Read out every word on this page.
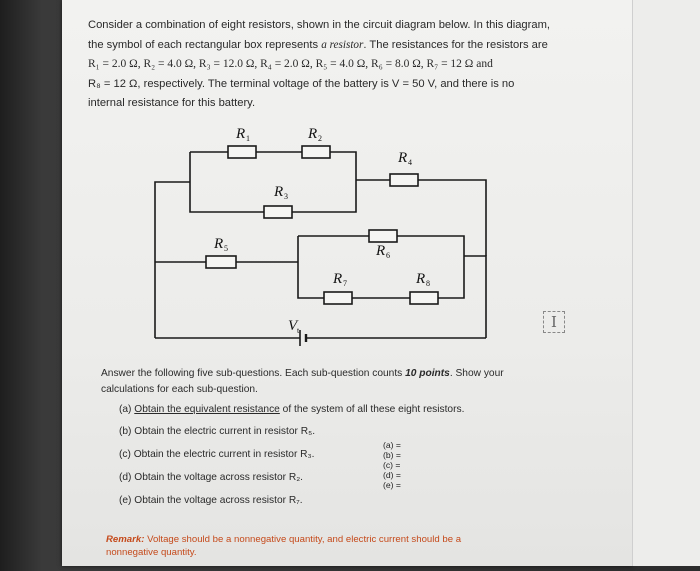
I
Consider a combination of eight resistors, shown in the circuit diagram below. In this diagram,
the symbol of each rectangular box represents a resistor. The resistances for the resistors are
R₁ = 2.0 Ω, R₂ = 4.0 Ω, R₃ = 12.0 Ω, R₄ = 2.0 Ω, R₅ = 4.0 Ω, R₆ = 8.0 Ω, R₇ = 12 Ω and
R₈ = 12 Ω, respectively. The terminal voltage of the battery is V = 50 V, and there is no
internal resistance for this battery.
R 1	R 2
R 3
R 4
R 5	R 6
R 7	R 8
V t
Answer the following five sub-questions. Each sub-question counts 10 points. Show your calculations for each sub-question.
(a) Obtain the equivalent resistance of the system of all these eight resistors.
(b) Obtain the electric current in resistor R₅.
(c) Obtain the electric current in resistor R₃.
(d) Obtain the voltage across resistor R₂.
(e) Obtain the voltage across resistor R₇.
(a) =
(b) =
(c) =
(d) =
(e) =
Remark: Voltage should be a nonnegative quantity, and electric current should be a nonnegative quantity.
